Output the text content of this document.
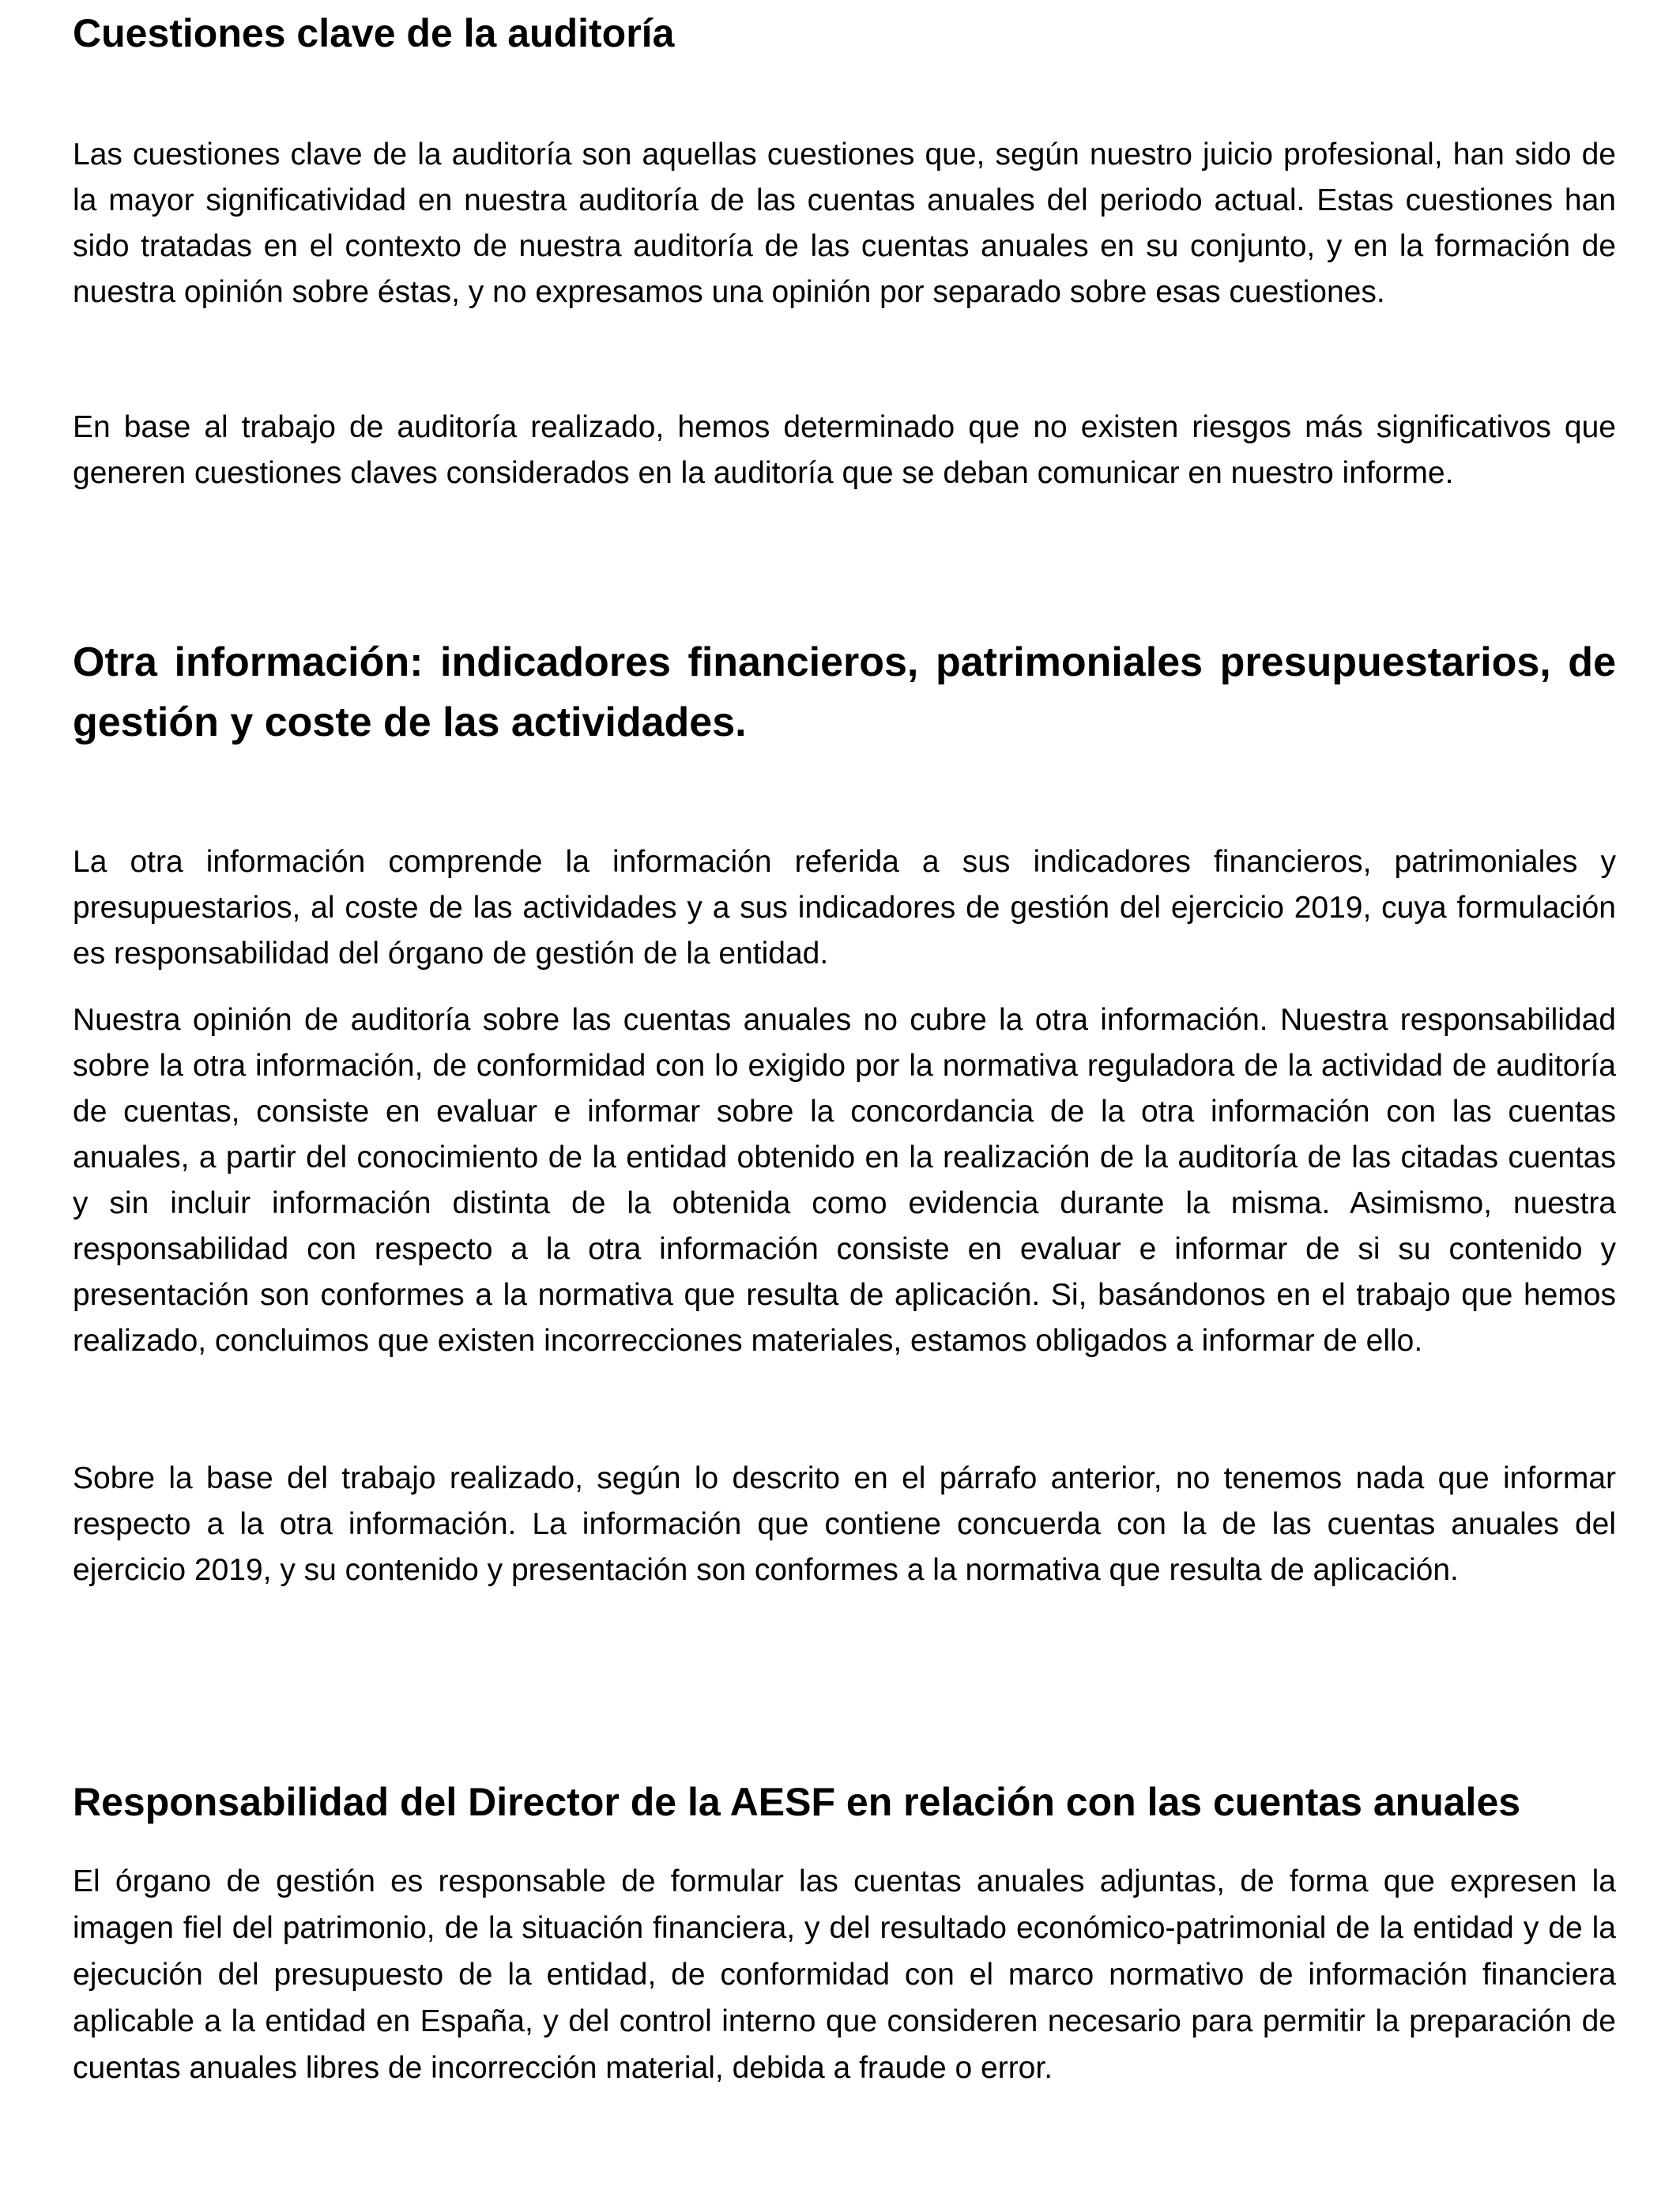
Cuestiones clave de la auditoría

Las cuestiones clave de la auditoría son aquellas cuestiones que, según nuestro juicio profesional, han sido de la mayor significatividad en nuestra auditoría de las cuentas anuales del periodo actual. Estas cuestiones han sido tratadas en el contexto de nuestra auditoría de las cuentas anuales en su conjunto, y en la formación de nuestra opinión sobre éstas, y no expresamos una opinión por separado sobre esas cuestiones.

En base al trabajo de auditoría realizado, hemos determinado que no existen riesgos más significativos que generen cuestiones claves considerados en la auditoría que se deban comunicar en nuestro informe.

Otra información: indicadores financieros, patrimoniales presupuestarios, de gestión y coste de las actividades.

La otra información comprende la información referida a sus indicadores financieros, patrimoniales y presupuestarios, al coste de las actividades y a sus indicadores de gestión del ejercicio 2019, cuya formulación es responsabilidad del órgano de gestión de la entidad.

Nuestra opinión de auditoría sobre las cuentas anuales no cubre la otra información. Nuestra responsabilidad sobre la otra información, de conformidad con lo exigido por la normativa reguladora de la actividad de auditoría de cuentas, consiste en evaluar e informar sobre la concordancia de la otra información con las cuentas anuales, a partir del conocimiento de la entidad obtenido en la realización de la auditoría de las citadas cuentas y sin incluir información distinta de la obtenida como evidencia durante la misma. Asimismo, nuestra responsabilidad con respecto a la otra información consiste en evaluar e informar de si su contenido y presentación son conformes a la normativa que resulta de aplicación. Si, basándonos en el trabajo que hemos realizado, concluimos que existen incorrecciones materiales, estamos obligados a informar de ello.

Sobre la base del trabajo realizado, según lo descrito en el párrafo anterior, no tenemos nada que informar respecto a la otra información. La información que contiene concuerda con la de las cuentas anuales del ejercicio 2019, y su contenido y presentación son conformes a la normativa que resulta de aplicación.

Responsabilidad del Director de la AESF en relación con las cuentas anuales

El órgano de gestión es responsable de formular las cuentas anuales adjuntas, de forma que expresen la imagen fiel del patrimonio, de la situación financiera, y del resultado económico-patrimonial de la entidad y de la ejecución del presupuesto de la entidad, de conformidad con el marco normativo de información financiera aplicable a la entidad en España, y del control interno que consideren necesario para permitir la preparación de cuentas anuales libres de incorrección material, debida a fraude o error.
